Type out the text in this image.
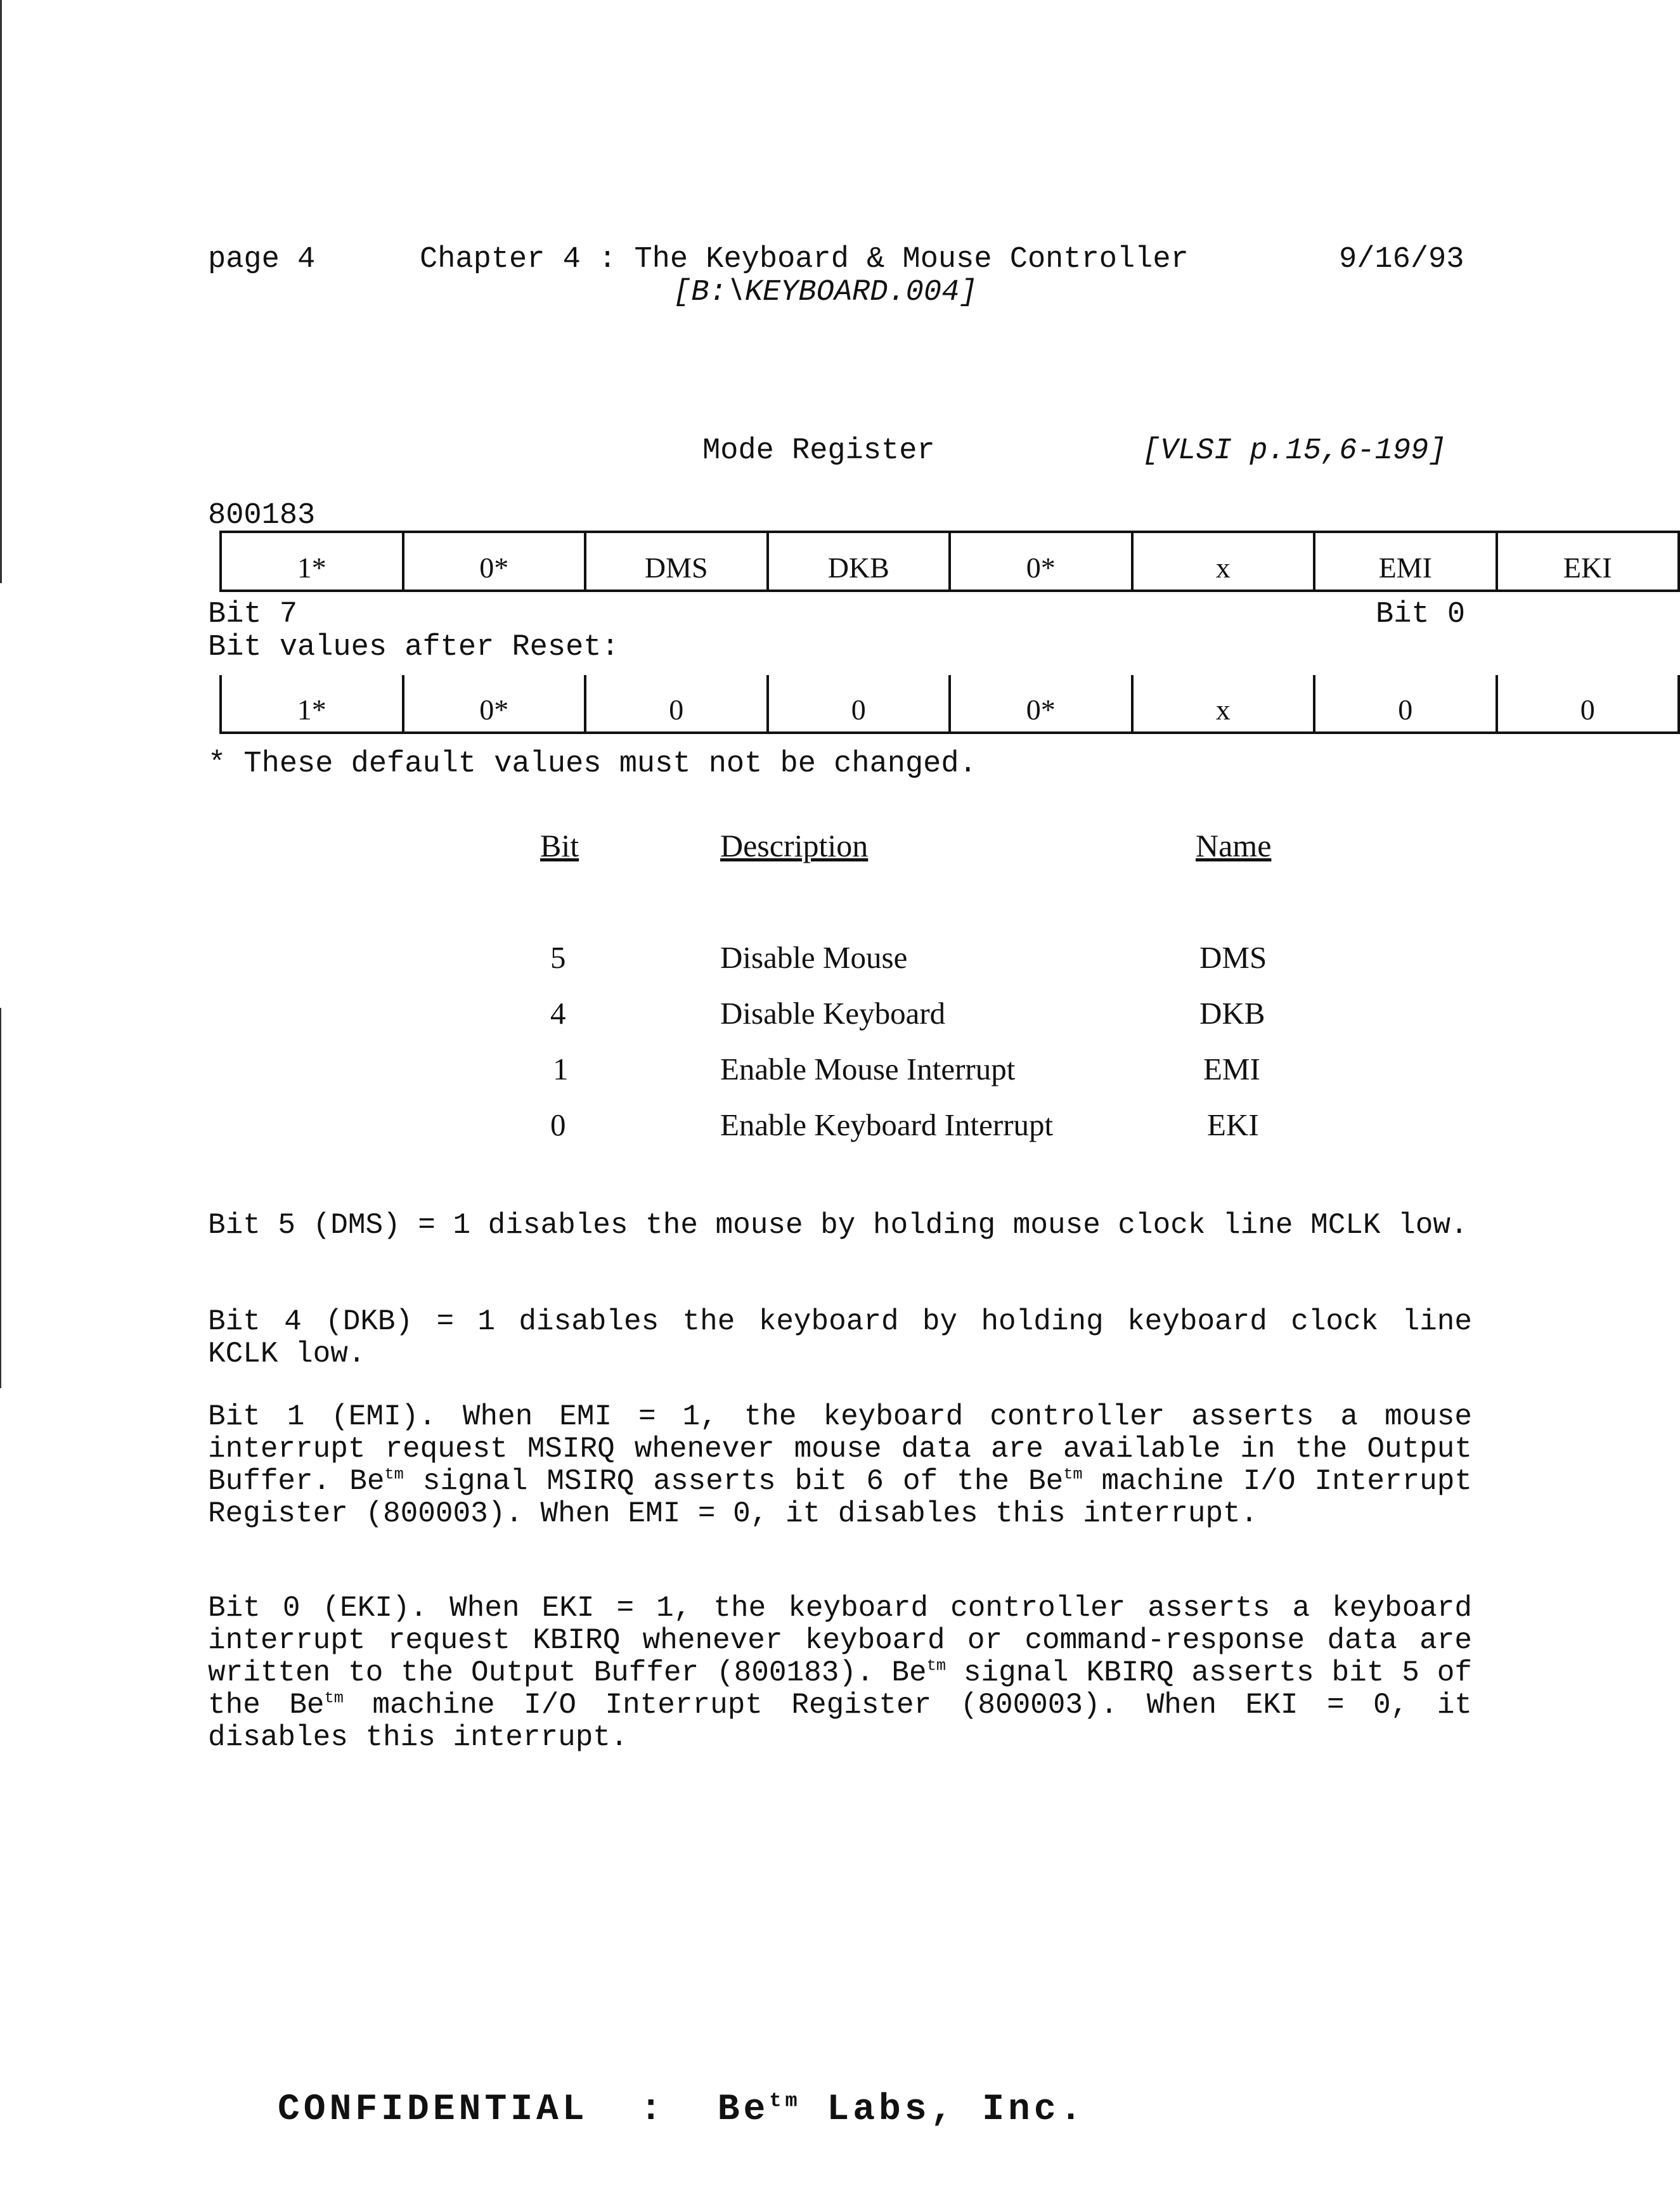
page 4	Chapter 4 : The Keyboard & Mouse Controller	9/16/93
[B:\KEYBOARD.004]
Mode Register	[VLSI p.15,6-199]
800183
1*	0*	DMS	DKB	0*	x	EMI	EKI
Bit 7	Bit 0
Bit values after Reset:
1*	0*	0	0	0*	x	0	0
* These default values must not be changed.
Bit	Description	Name
5	Disable Mouse	DMS
4	Disable Keyboard	DKB
1	Enable Mouse Interrupt	EMI
0	Enable Keyboard Interrupt	EKI

Bit 5 (DMS) = 1 disables the mouse by holding mouse clock line MCLK low.

Bit 4 (DKB) = 1 disables the keyboard by holding keyboard clock line KCLK low.

Bit 1 (EMI). When EMI = 1, the keyboard controller asserts a mouse interrupt request MSIRQ whenever mouse data are available in the Output Buffer. $Be^{tm}$ signal MSIRQ asserts bit 6 of the $Be^{tm}$ machine I/O Interrupt Register (800003). When EMI = 0, it disables this interrupt.

Bit 0 (EKI). When EKI = 1, the keyboard controller asserts a keyboard interrupt request KBIRQ whenever keyboard or command-response data are written to the Output Buffer (800183). $Be^{tm}$ signal KBIRQ asserts bit 5 of the $Be^{tm}$ machine I/O Interrupt Register (800003). When EKI = 0, it disables this interrupt.

CONFIDENTIAL  :  $Be^{tm}$ Labs, Inc.
